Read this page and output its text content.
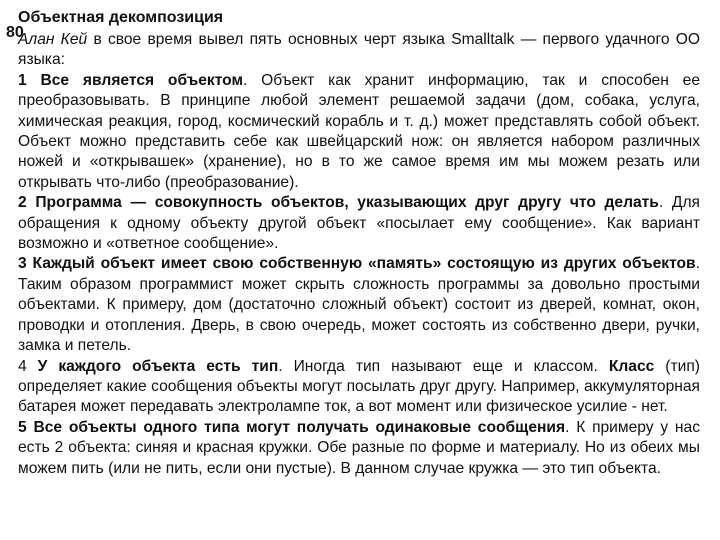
80
Объектная декомпозиция

Алан Кей в свое время вывел пять основных черт языка Smalltalk — первого удачного ОО языка:

1 Все является объектом. Объект как хранит информацию, так и способен ее преобразовывать. В принципе любой элемент решаемой задачи (дом, собака, услуга, химическая реакция, город, космический корабль и т. д.) может представлять собой объект. Объект можно представить себе как швейцарский нож: он является набором различных ножей и «открывашек» (хранение), но в то же самое время им мы можем резать или открывать что-либо (преобразование).

2 Программа — совокупность объектов, указывающих друг другу что делать. Для обращения к одному объекту другой объект «посылает ему сообщение». Как вариант возможно и «ответное сообщение».

3 Каждый объект имеет свою собственную «память» состоящую из других объектов. Таким образом программист может скрыть сложность программы за довольно простыми объектами. К примеру, дом (достаточно сложный объект) состоит из дверей, комнат, окон, проводки и отопления. Дверь, в свою очередь, может состоять из собственно двери, ручки, замка и петель.

4 У каждого объекта есть тип. Иногда тип называют еще и классом. Класс (тип) определяет какие сообщения объекты могут посылать друг другу. Например, аккумуляторная батарея может передавать электролампе ток, а вот момент или физическое усилие - нет.

5 Все объекты одного типа могут получать одинаковые сообщения. К примеру у нас есть 2 объекта: синяя и красная кружки. Обе разные по форме и материалу. Но из обеих мы можем пить (или не пить, если они пустые). В данном случае кружка — это тип объекта.
